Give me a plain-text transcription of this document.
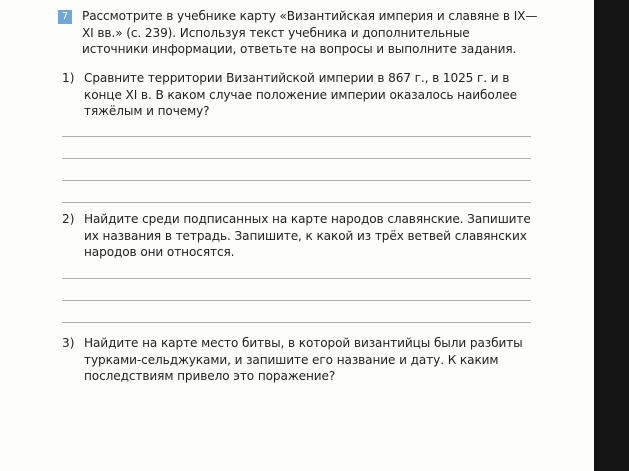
7	Рассмотрите в учебнике карту «Византийская империя и славяне в IX—XI вв.» (с. 239). Используя текст учебника и дополнительные источники информации, ответьте на вопросы и выполните задания.

1) Сравните территории Византийской империи в 867 г., в 1025 г. и в конце XI в. В каком случае положение империи оказалось наиболее тяжёлым и почему?

2) Найдите среди подписанных на карте народов славянские. Запишите их названия в тетрадь. Запишите, к какой из трёх ветвей славянских народов они относятся.

3) Найдите на карте место битвы, в которой византийцы были разбиты турками-сельджуками, и запишите его название и дату. К каким последствиям привело это поражение?
